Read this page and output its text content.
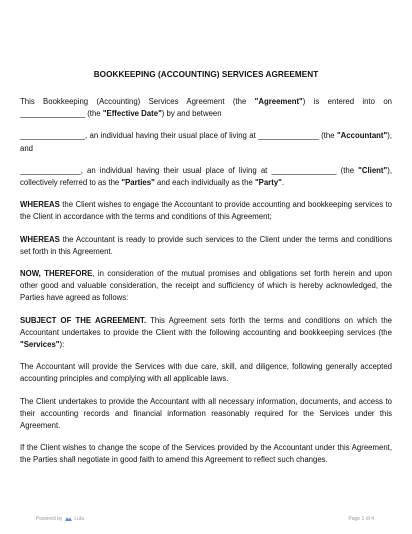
BOOKKEEPING (ACCOUNTING) SERVICES AGREEMENT

This Bookkeeping (Accounting) Services Agreement (the "Agreement") is entered into on _______________ (the "Effective Date") by and between

_______________, an individual having their usual place of living at ______________ (the "Accountant"), and

______________, an individual having their usual place of living at _______________ (the "Client"), collectively referred to as the "Parties" and each individually as the "Party".

WHEREAS the Client wishes to engage the Accountant to provide accounting and bookkeeping services to the Client in accordance with the terms and conditions of this Agreement;

WHEREAS the Accountant is ready to provide such services to the Client under the terms and conditions set forth in this Agreement.

NOW, THEREFORE, in consideration of the mutual promises and obligations set forth herein and upon other good and valuable consideration, the receipt and sufficiency of which is hereby acknowledged, the Parties have agreed as follows:

SUBJECT OF THE AGREEMENT. This Agreement sets forth the terms and conditions on which the Accountant undertakes to provide the Client with the following accounting and bookkeeping services (the "Services"):

The Accountant will provide the Services with due care, skill, and diligence, following generally accepted accounting principles and complying with all applicable laws.

The Client undertakes to provide the Accountant with all necessary information, documents, and access to their accounting records and financial information reasonably required for the Services under this Agreement.

If the Client wishes to change the scope of the Services provided by the Accountant under this Agreement, the Parties shall negotiate in good faith to amend this Agreement to reflect such changes.

Powered by Lula	Page 1 of 4
